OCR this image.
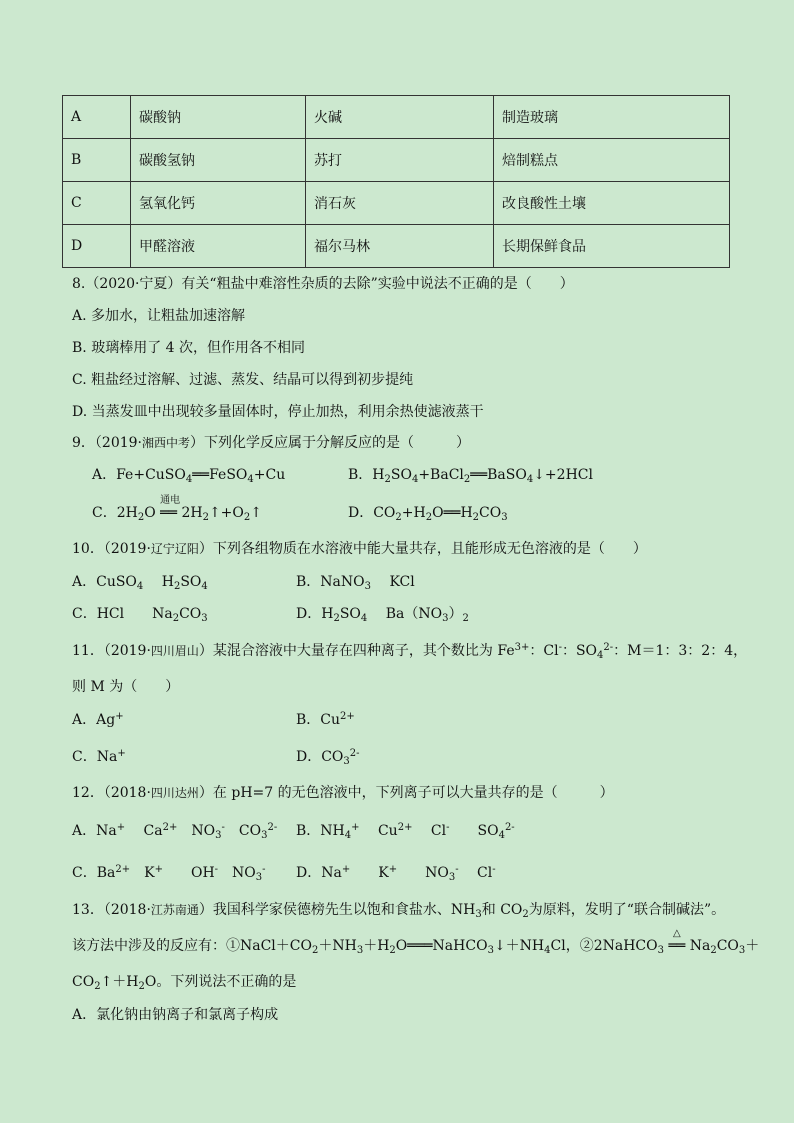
A	碳酸钠	火碱	制造玻璃
B	碳酸氢钠	苏打	焙制糕点
C	氢氧化钙	消石灰	改良酸性土壤
D	甲醛溶液	福尔马林	长期保鲜食品
8.（2020·宁夏）有关“粗盐中难溶性杂质的去除”实验中说法不正确的是（　　）
A. 多加水，让粗盐加速溶解
B. 玻璃棒用了 4 次，但作用各不相同
C. 粗盐经过溶解、过滤、蒸发、结晶可以得到初步提纯
D. 当蒸发皿中出现较多量固体时，停止加热，利用余热使滤液蒸干
9．（2019·湘西中考）下列化学反应属于分解反应的是（　　　）
A．Fe+CuSO$_4$══FeSO$_4$+Cu	B．$H_2SO_4+BaCl_2══BaSO_4↓+2HCl$
C．$2H_2O$
通电
══ $2H_2↑+O_2↑$	D．$CO_2+H_2O══H_2CO_3$
10．（2019·辽宁辽阳）下列各组物质在水溶液中能大量共存，且能形成无色溶液的是（　　）
A．CuSO$_4$　 $H_2SO_4$	B．NaNO$_3$　 KCl
C．HCl　　$Na_2CO_3$	D．$H_2SO_4$　 $Ba(NO_3)_2$
11．（2019·四川眉山）某混合溶液中大量存在四种离子，其个数比为 $Fe^{3+}$：Cl-：$SO_4^{2-}$：M＝1：3：2：4，
则 M 为（　　）
A．Ag+	B．$Cu^{2+}$
C．Na+	D．$CO_3^{2-}$
12．（2018·四川达州）在 pH=7 的无色溶液中，下列离子可以大量共存的是（　　　）
A．Na+　 $Ca^{2+}$　$NO_3^-$　$CO_3^{2-}$ B．$NH_4^+$　 $Cu^{2+}$　 Cl-　　$SO_4^{2-}$
C．$Ba^{2+}$　K+　　OH-　$NO_3^-$ D．Na+　　K+　　$NO_3^-$　 Cl-
13．（2018·江苏南通）我国科学家侯德榜先生以饱和食盐水、$NH_3$和 $CO_2$为原料，发明了“联合制碱法”。
该方法中涉及的反应有：$①NaCl+CO_2+NH_3+H_2O═══NaHCO_3↓+NH_4Cl$，②2NaHCO$_3$
△
══ $Na_2CO_3+$
$CO_2↑+H_2O$。下列说法不正确的是
A．氯化钠由钠离子和氯离子构成
